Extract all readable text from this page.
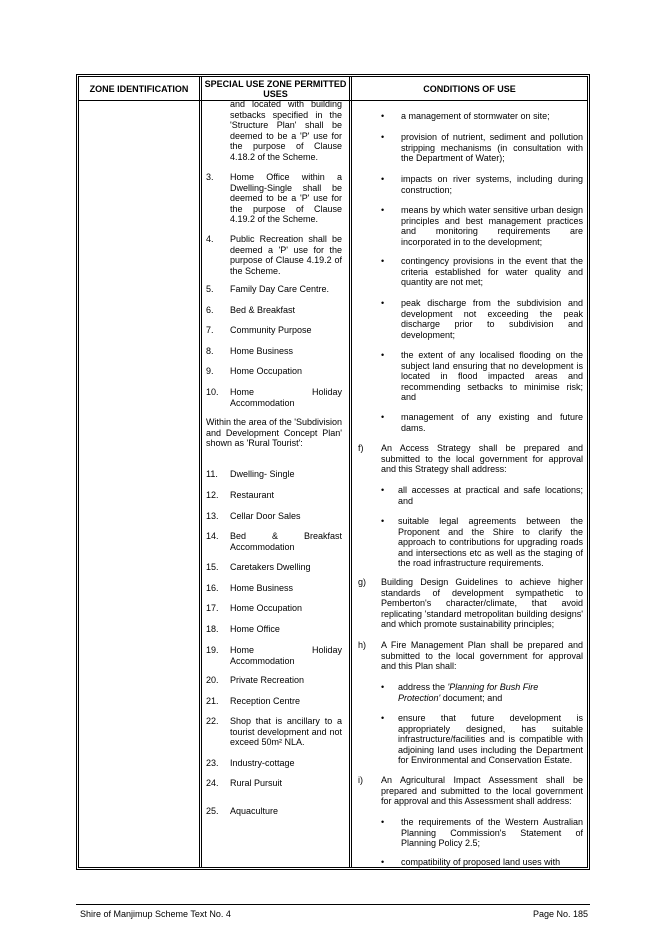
ZONE IDENTIFICATION	SPECIAL USE ZONE PERMITTED USES	CONDITIONS OF USE
and located with building setbacks specified in the 'Structure Plan' shall be deemed to be a 'P' use for the purpose of Clause 4.18.2 of the Scheme.
3. Home Office within a Dwelling-Single shall be deemed to be a 'P' use for the purpose of Clause 4.19.2 of the Scheme.
4. Public Recreation shall be deemed a 'P' use for the purpose of Clause 4.19.2 of the Scheme.
5. Family Day Care Centre.
6. Bed & Breakfast
7. Community Purpose
8. Home Business
9. Home Occupation
10. Home Holiday Accommodation
Within the area of the 'Subdivision and Development Concept Plan' shown as 'Rural Tourist':
11. Dwelling- Single
12. Restaurant
13. Cellar Door Sales
14. Bed & Breakfast Accommodation
15. Caretakers Dwelling
16. Home Business
17. Home Occupation
18. Home Office
19. Home Holiday Accommodation
20. Private Recreation
21. Reception Centre
22. Shop that is ancillary to a tourist development and not exceed 50m² NLA.
23. Industry-cottage
24. Rural Pursuit
25. Aquaculture
• a management of stormwater on site;
• provision of nutrient, sediment and pollution stripping mechanisms (in consultation with the Department of Water);
• impacts on river systems, including during construction;
• means by which water sensitive urban design principles and best management practices and monitoring requirements are incorporated in to the development;
• contingency provisions in the event that the criteria established for water quality and quantity are not met;
• peak discharge from the subdivision and development not exceeding the peak discharge prior to subdivision and development;
• the extent of any localised flooding on the subject land ensuring that no development is located in flood impacted areas and recommending setbacks to minimise risk; and
• management of any existing and future dams.
f) An Access Strategy shall be prepared and submitted to the local government for approval and this Strategy shall address:
• all accesses at practical and safe locations; and
• suitable legal agreements between the Proponent and the Shire to clarify the approach to contributions for upgrading roads and intersections etc as well as the staging of the road infrastructure requirements.
g) Building Design Guidelines to achieve higher standards of development sympathetic to Pemberton's character/climate, that avoid replicating 'standard metropolitan building designs' and which promote sustainability principles;
h) A Fire Management Plan shall be prepared and submitted to the local government for approval and this Plan shall:
• address the 'Planning for Bush Fire Protection' document; and
• ensure that future development is appropriately designed, has suitable infrastructure/facilities and is compatible with adjoining land uses including the Department for Environmental and Conservation Estate.
i) An Agricultural Impact Assessment shall be prepared and submitted to the local government for approval and this Assessment shall address:
• the requirements of the Western Australian Planning Commission's Statement of Planning Policy 2.5;
• compatibility of proposed land uses with
Shire of Manjimup Scheme Text No. 4	Page No. 185
